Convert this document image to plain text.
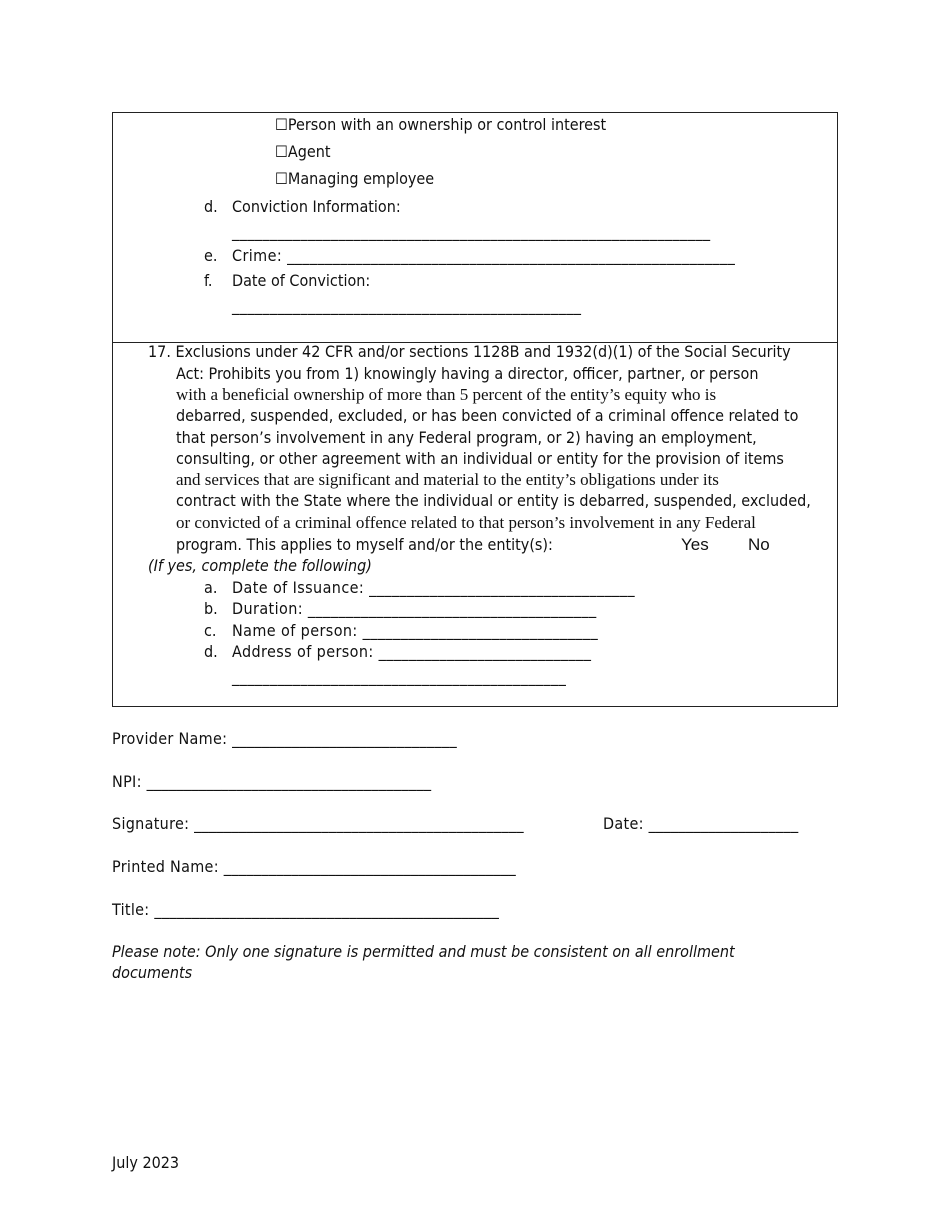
☐Person with an ownership or control interest
☐Agent
☐Managing employee
d. Conviction Information:
_______________________________________________________________
e. Crime: ___________________________________________________________
f. Date of Conviction:
______________________________________________
17. Exclusions under 42 CFR and/or sections 1128B and 1932(d)(1) of the Social Security
Act: Prohibits you from 1) knowingly having a director, officer, partner, or person
with a beneficial ownership of more than 5 percent of the entity’s equity who is
debarred, suspended, excluded, or has been convicted of a criminal offence related to
that person’s involvement in any Federal program, or 2) having an employment,
consulting, or other agreement with an individual or entity for the provision of items
and services that are significant and material to the entity’s obligations under its
contract with the State where the individual or entity is debarred, suspended, excluded,
or convicted of a criminal offence related to that person’s involvement in any Federal
program. This applies to myself and/or the entity(s):	Yes No
(If yes, complete the following)
a. Date of Issuance: ___________________________________
b. Duration: ______________________________________
c. Name of person: _______________________________
d. Address of person: ____________________________
____________________________________________
Provider Name: ______________________________
NPI: ______________________________________
Signature: ____________________________________________	Date: ____________________
Printed Name: _______________________________________
Title: ______________________________________________
Please note: Only one signature is permitted and must be consistent on all enrollment
documents
July 2023
